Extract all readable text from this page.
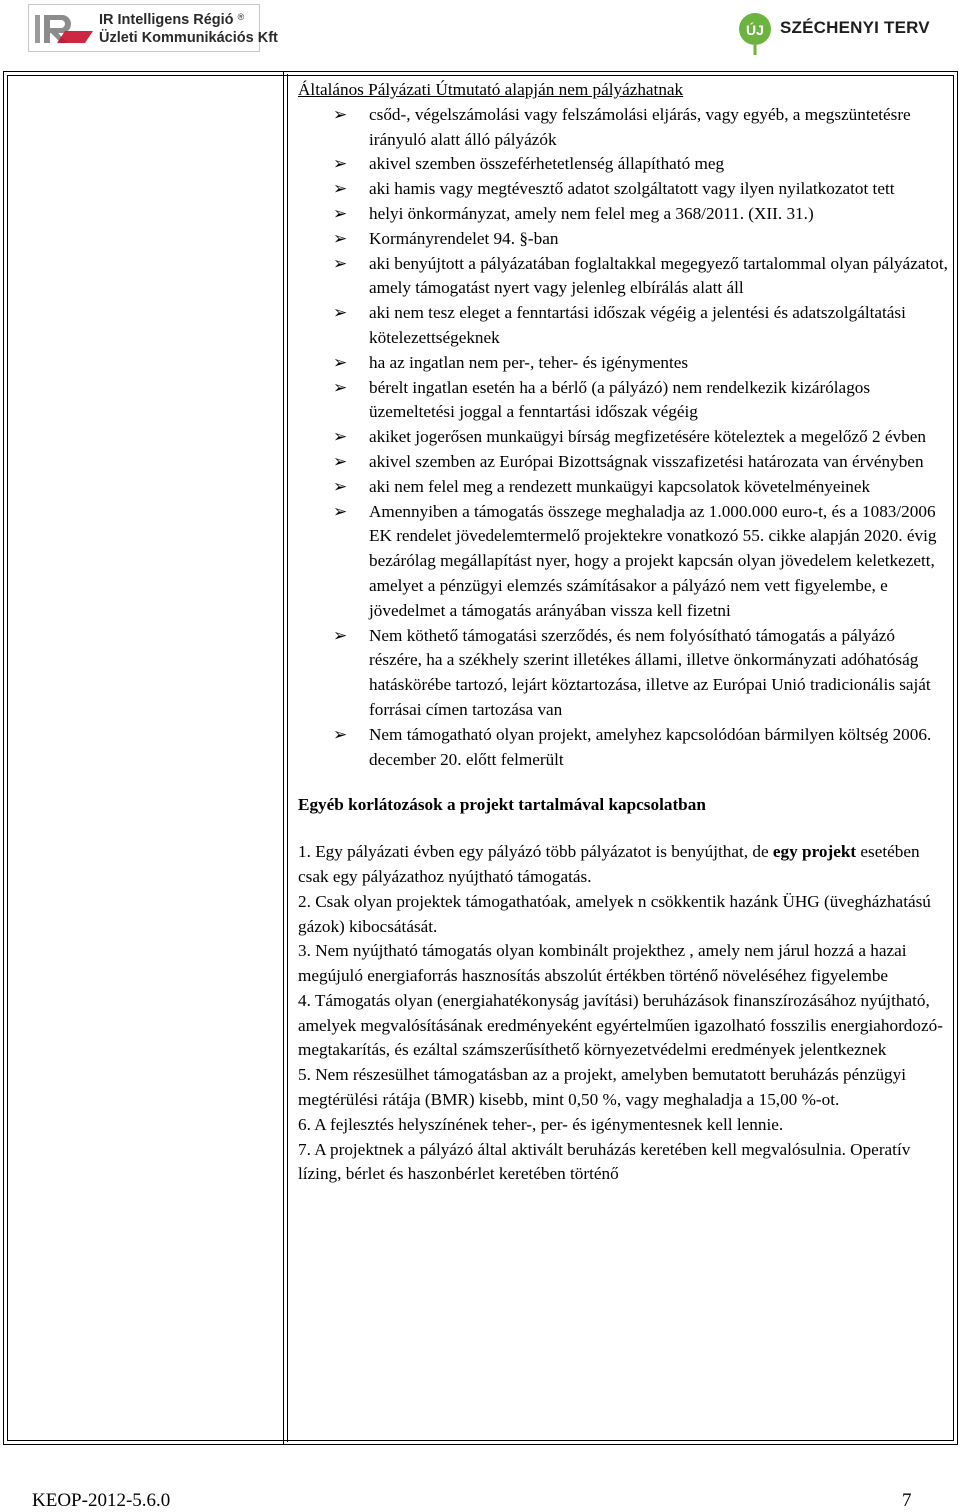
IR Intelligens Régió ®
Üzleti Kommunikációs Kft	ÚJ SZÉCHENYI TERV
Általános Pályázati Útmutató alapján nem pályázhatnak
➢ csőd-, végelszámolási vagy felszámolási eljárás, vagy egyéb, a megszüntetésre irányuló alatt álló pályázók
➢ akivel szemben összeférhetetlenség állapítható meg
➢ aki hamis vagy megtévesztő adatot szolgáltatott vagy ilyen nyilatkozatot tett
➢ helyi önkormányzat, amely nem felel meg a 368/2011. (XII. 31.)
➢ Kormányrendelet 94. §-ban
➢ aki benyújtott a pályázatában foglaltakkal megegyező tartalommal olyan pályázatot, amely támogatást nyert vagy jelenleg elbírálás alatt áll
➢ aki nem tesz eleget a fenntartási időszak végéig a jelentési és adatszolgáltatási kötelezettségeknek
➢ ha az ingatlan nem per-, teher- és igénymentes
➢ bérelt ingatlan esetén ha a bérlő (a pályázó) nem rendelkezik kizárólagos üzemeltetési joggal a fenntartási időszak végéig
➢ akiket jogerősen munkaügyi bírság megfizetésére köteleztek a megelőző 2 évben
➢ akivel szemben az Európai Bizottságnak visszafizetési határozata van érvényben
➢ aki nem felel meg a rendezett munkaügyi kapcsolatok követelményeinek
➢ Amennyiben a támogatás összege meghaladja az 1.000.000 euro-t, és a 1083/2006 EK rendelet jövedelemtermelő projektekre vonatkozó 55. cikke alapján 2020. évig bezárólag megállapítást nyer, hogy a projekt kapcsán olyan jövedelem keletkezett, amelyet a pénzügyi elemzés számításakor a pályázó nem vett figyelembe, e jövedelmet a támogatás arányában vissza kell fizetni
➢ Nem köthető támogatási szerződés, és nem folyósítható támogatás a pályázó részére, ha a székhely szerint illetékes állami, illetve önkormányzati adóhatóság hatáskörébe tartozó, lejárt köztartozása, illetve az Európai Unió tradicionális saját forrásai címen tartozása van
➢ Nem támogatható olyan projekt, amelyhez kapcsolódóan bármilyen költség 2006. december 20. előtt felmerült
Egyéb korlátozások a projekt tartalmával kapcsolatban

1. Egy pályázati évben egy pályázó több pályázatot is benyújthat, de egy projekt esetében csak egy pályázathoz nyújtható támogatás.

2. Csak olyan projektek támogathatóak, amelyek n csökkentik hazánk ÜHG (üvegházhatású gázok) kibocsátását.

3. Nem nyújtható támogatás olyan kombinált projekthez , amely nem járul hozzá a hazai megújuló energiaforrás hasznosítás abszolút értékben történő növeléséhez figyelembe

4. Támogatás olyan (energiahatékonyság javítási) beruházások finanszírozásához nyújtható, amelyek megvalósításának eredményeként egyértelműen igazolható fosszilis energiahordozó-megtakarítás, és ezáltal számszerűsíthető környezetvédelmi eredmények jelentkeznek

5. Nem részesülhet támogatásban az a projekt, amelyben bemutatott beruházás pénzügyi megtérülési rátája (BMR) kisebb, mint 0,50 %, vagy meghaladja a 15,00 %-ot.

6. A fejlesztés helyszínének teher-, per- és igénymentesnek kell lennie.

7. A projektnek a pályázó által aktivált beruházás keretében kell megvalósulnia. Operatív lízing, bérlet és haszonbérlet keretében történő

KEOP-2012-5.6.0	7
